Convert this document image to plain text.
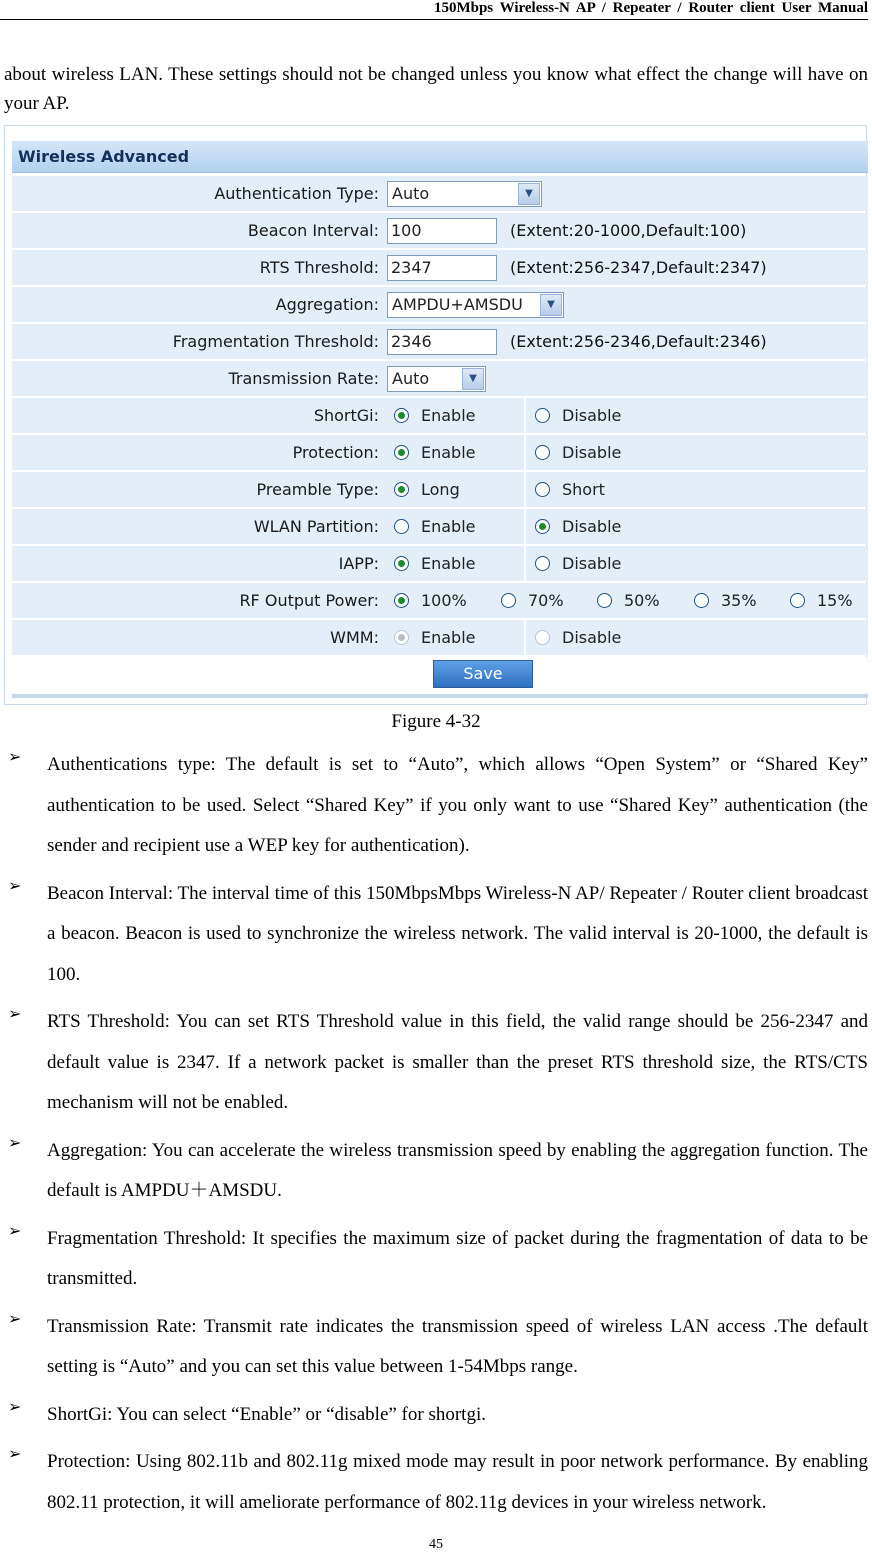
150Mbps Wireless-N AP / Repeater / Router client User Manual
about wireless LAN. These settings should not be changed unless you know what effect the change will have on your AP.
Wireless Advanced
Authentication Type: Auto	▼
Beacon Interval: 100	(Extent:20-1000,Default:100)
RTS Threshold: 2347	(Extent:256-2347,Default:2347)
Aggregation: AMPDU+AMSDU	▼
Fragmentation Threshold: 2346	(Extent:256-2346,Default:2346)
Transmission Rate: Auto	▼
ShortGi:	Enable	Disable
Protection:	Enable	Disable
Preamble Type:	Long	Short
WLAN Partition:	Enable	Disable
IAPP:	Enable	Disable
RF Output Power:	100%	70%	50%	35%	15%
WMM:	Enable	Disable
Save
Figure 4-32
➢ Authentications type: The default is set to “Auto”, which allows “Open System” or “Shared Key” authentication to be used. Select “Shared Key” if you only want to use “Shared Key” authentication (the sender and recipient use a WEP key for authentication).
➢ Beacon Interval: The interval time of this 150MbpsMbps Wireless-N AP/ Repeater / Router client broadcast a beacon. Beacon is used to synchronize the wireless network. The valid interval is 20-1000, the default is 100.
➢ RTS Threshold: You can set RTS Threshold value in this field, the valid range should be 256-2347 and default value is 2347. If a network packet is smaller than the preset RTS threshold size, the RTS/CTS mechanism will not be enabled.
➢ Aggregation: You can accelerate the wireless transmission speed by enabling the aggregation function. The default is AMPDU＋AMSDU.
➢ Fragmentation Threshold: It specifies the maximum size of packet during the fragmentation of data to be transmitted.
➢ Transmission Rate: Transmit rate indicates the transmission speed of wireless LAN access .The default setting is “Auto” and you can set this value between 1-54Mbps range.
➢ ShortGi: You can select “Enable” or “disable” for shortgi.
➢ Protection: Using 802.11b and 802.11g mixed mode may result in poor network performance. By enabling 802.11 protection, it will ameliorate performance of 802.11g devices in your wireless network.
45
